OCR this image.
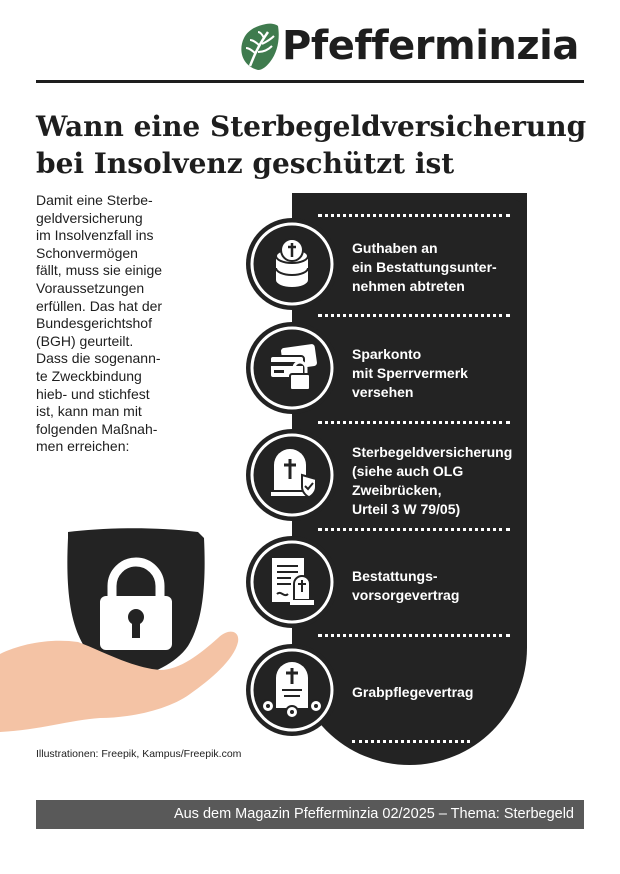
Pfefferminzia
Wann eine Sterbegeldversicherung
bei Insolvenz geschützt ist

Damit eine Sterbe-
geldversicherung
im Insolvenzfall ins
Schonvermögen
fällt, muss sie einige
Voraussetzungen
erfüllen. Das hat der
Bundesgerichtshof
(BGH) geurteilt.
Dass die sogenann-
te Zweckbindung
hieb- und stichfest
ist, kann man mit
folgenden Maßnah-
men erreichen:

Guthaben an
ein Bestattungsunter-
nehmen abtreten
Sparkonto
mit Sperrvermerk
versehen
Sterbegeldversicherung
(siehe auch OLG
Zweibrücken,
Urteil 3 W 79/05)
Bestattungs-
vorsorgevertrag
Grabpflegevertrag
Illustrationen: Freepik, Kampus/Freepik.com
Aus dem Magazin Pfefferminzia 02/2025 – Thema: Sterbegeld
